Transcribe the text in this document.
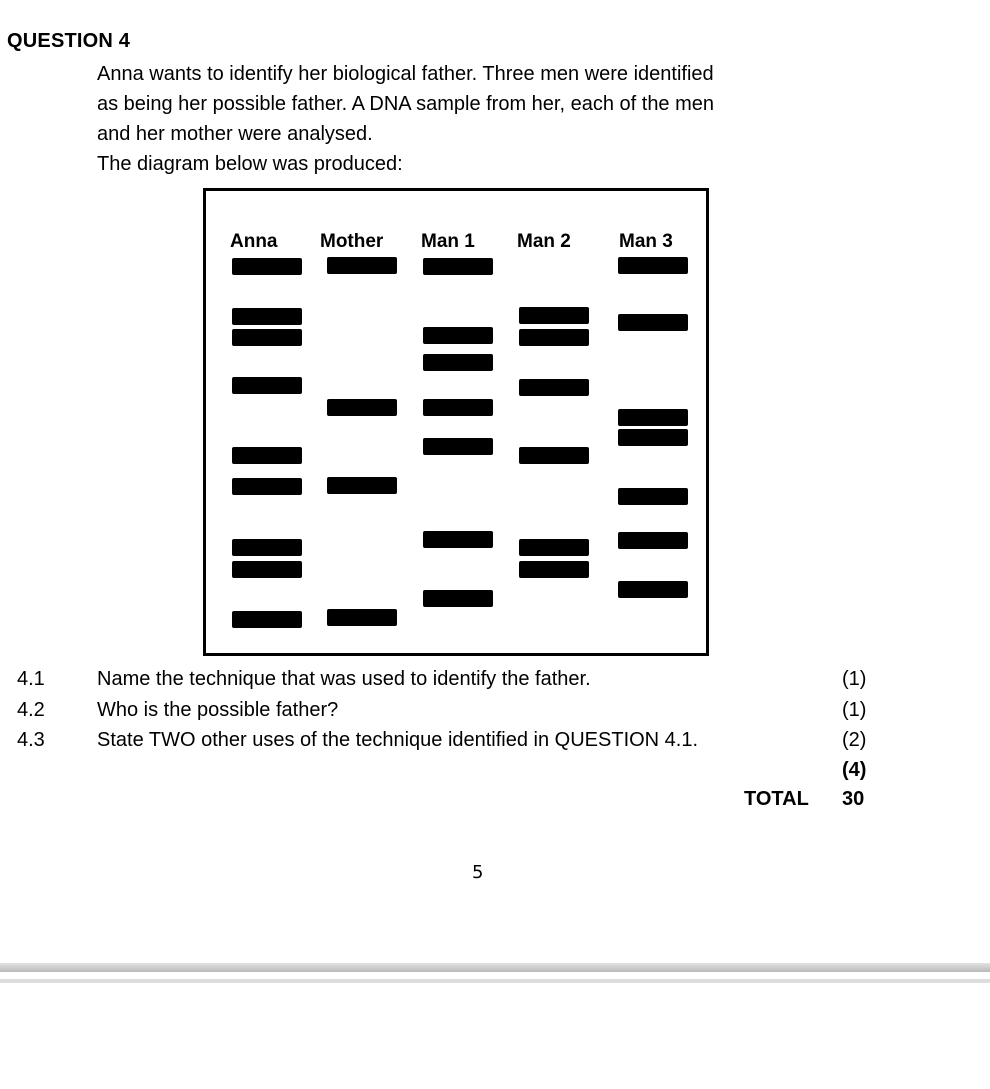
QUESTION 4
Anna wants to identify her biological father. Three men were identified
as being her possible father. A DNA sample from her, each of the men
and her mother were analysed.
The diagram below was produced:
Anna Mother Man 1 Man 2	Man 3
4.1	Name the technique that was used to identify the father.	(1)
4.2	Who is the possible father?	(1)
4.3	State TWO other uses of the technique identified in QUESTION 4.1.	(2)
(4)
TOTAL 30
5
